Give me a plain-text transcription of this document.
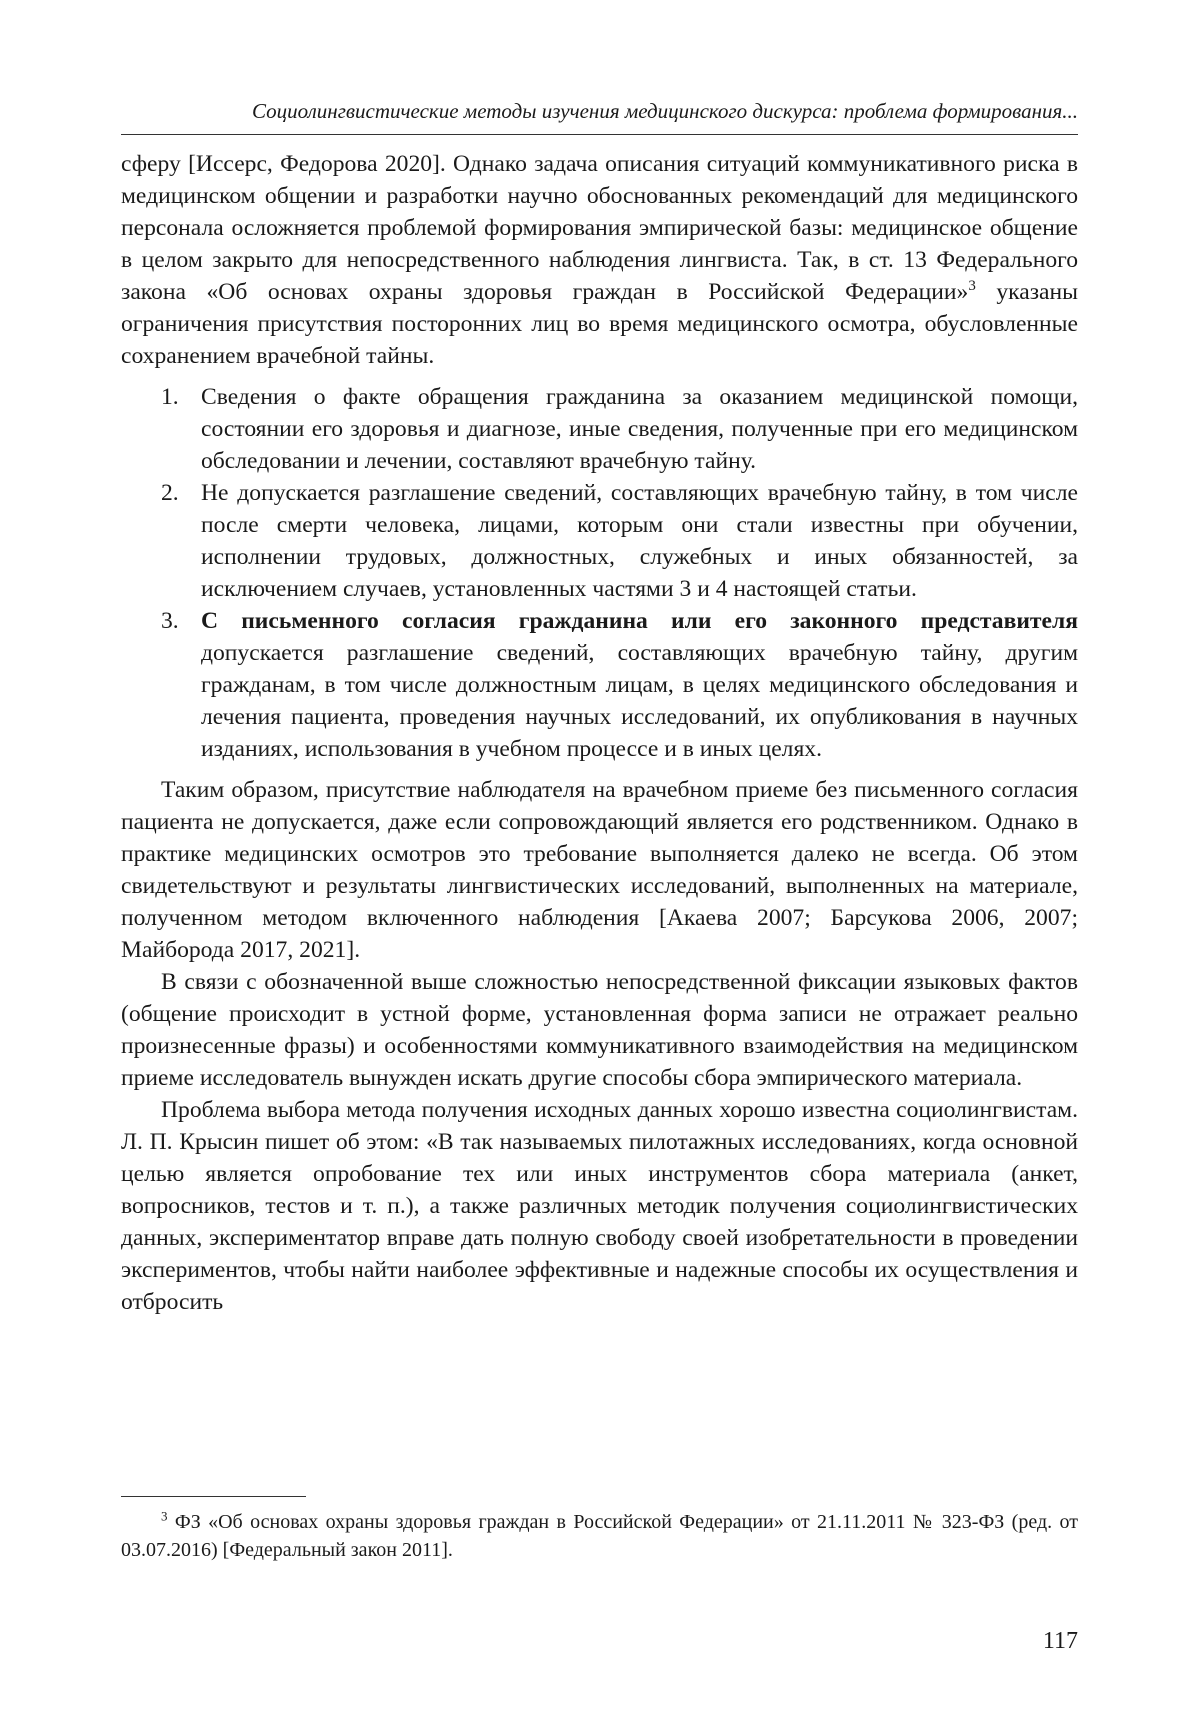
Социолингвистические методы изучения медицинского дискурса: проблема формирования...

сферу [Иссерс, Федорова 2020]. Однако задача описания ситуаций коммуникативного риска в медицинском общении и разработки научно обоснованных рекомендаций для медицинского персонала осложняется проблемой формирования эмпирической базы: медицинское общение в целом закрыто для непосредственного наблюдения лингвиста. Так, в ст. 13 Федерального закона «Об основах охраны здоровья граждан в Российской Федерации»$^3$ указаны ограничения присутствия посторонних лиц во время медицинского осмотра, обусловленные сохранением врачебной тайны.

1. Сведения о факте обращения гражданина за оказанием медицинской помощи, состоянии его здоровья и диагнозе, иные сведения, полученные при его медицинском обследовании и лечении, составляют врачебную тайну.
2. Не допускается разглашение сведений, составляющих врачебную тайну, в том числе после смерти человека, лицами, которым они стали известны при обучении, исполнении трудовых, должностных, служебных и иных обязанностей, за исключением случаев, установленных частями 3 и 4 настоящей статьи.
3. С письменного согласия гражданина или его законного представителя допускается разглашение сведений, составляющих врачебную тайну, другим гражданам, в том числе должностным лицам, в целях медицинского обследования и лечения пациента, проведения научных исследований, их опубликования в научных изданиях, использования в учебном процессе и в иных целях.

Таким образом, присутствие наблюдателя на врачебном приеме без письменного согласия пациента не допускается, даже если сопровождающий является его родственником. Однако в практике медицинских осмотров это требование выполняется далеко не всегда. Об этом свидетельствуют и результаты лингвистических исследований, выполненных на материале, полученном методом включенного наблюдения [Акаева 2007; Барсукова 2006, 2007; Майборода 2017, 2021].

В связи с обозначенной выше сложностью непосредственной фиксации языковых фактов (общение происходит в устной форме, установленная форма записи не отражает реально произнесенные фразы) и особенностями коммуникативного взаимодействия на медицинском приеме исследователь вынужден искать другие способы сбора эмпирического материала.

Проблема выбора метода получения исходных данных хорошо известна социолингвистам. Л. П. Крысин пишет об этом: «В так называемых пилотажных исследованиях, когда основной целью является опробование тех или иных инструментов сбора материала (анкет, вопросников, тестов и т. п.), а также различных методик получения социолингвистических данных, экспериментатор вправе дать полную свободу своей изобретательности в проведении экспериментов, чтобы найти наиболее эффективные и надежные способы их осуществления и отбросить

$^3$ ФЗ «Об основах охраны здоровья граждан в Российской Федерации» от 21.11.2011 № 323-ФЗ (ред. от 03.07.2016) [Федеральный закон 2011].
117
